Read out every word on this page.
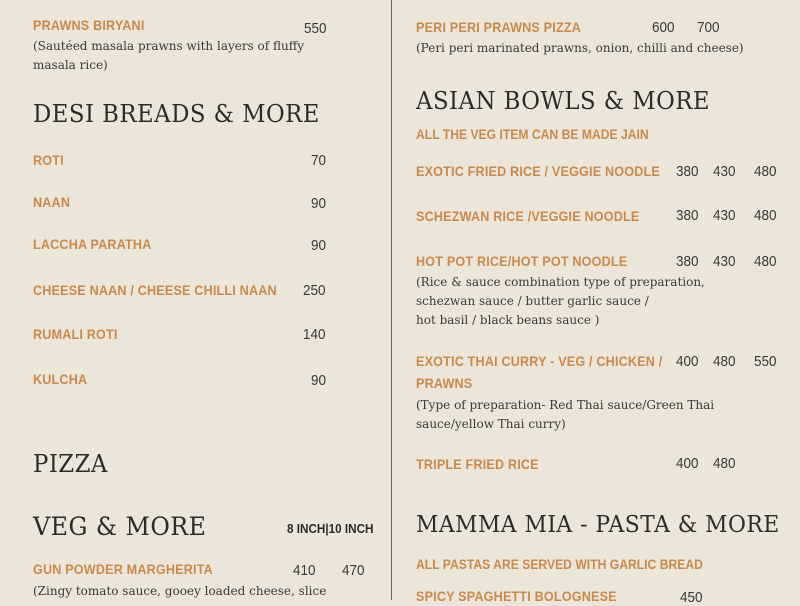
PRAWNS BIRYANI	550
(Sautéed masala prawns with layers of fluffy
masala rice)
DESI BREADS & MORE
ROTI	70
NAAN	90
LACCHA PARATHA	90
CHEESE NAAN / CHEESE CHILLI NAAN 250
RUMALI ROTI	140
KULCHA	90
PIZZA
VEG & MORE	8 INCH|10 INCH
GUN POWDER MARGHERITA	410 470
(Zingy tomato sauce, gooey loaded cheese, slice
PERI PERI PRAWNS PIZZA	600 700
(Peri peri marinated prawns, onion, chilli and cheese)
ASIAN BOWLS & MORE
ALL THE VEG ITEM CAN BE MADE JAIN
EXOTIC FRIED RICE / VEGGIE NOODLE 380 430 480
SCHEZWAN RICE /VEGGIE NOODLE 380 430 480
HOT POT RICE/HOT POT NOODLE	380 430 480
(Rice & sauce combination type of preparation,
schezwan sauce / butter garlic sauce /
hot basil / black beans sauce )
EXOTIC THAI CURRY - VEG / CHICKEN / 400 480 550
PRAWNS
(Type of preparation- Red Thai sauce/Green Thai
sauce/yellow Thai curry)
TRIPLE FRIED RICE	400 480
MAMMA MIA - PASTA & MORE
ALL PASTAS ARE SERVED WITH GARLIC BREAD
SPICY SPAGHETTI BOLOGNESE	450
